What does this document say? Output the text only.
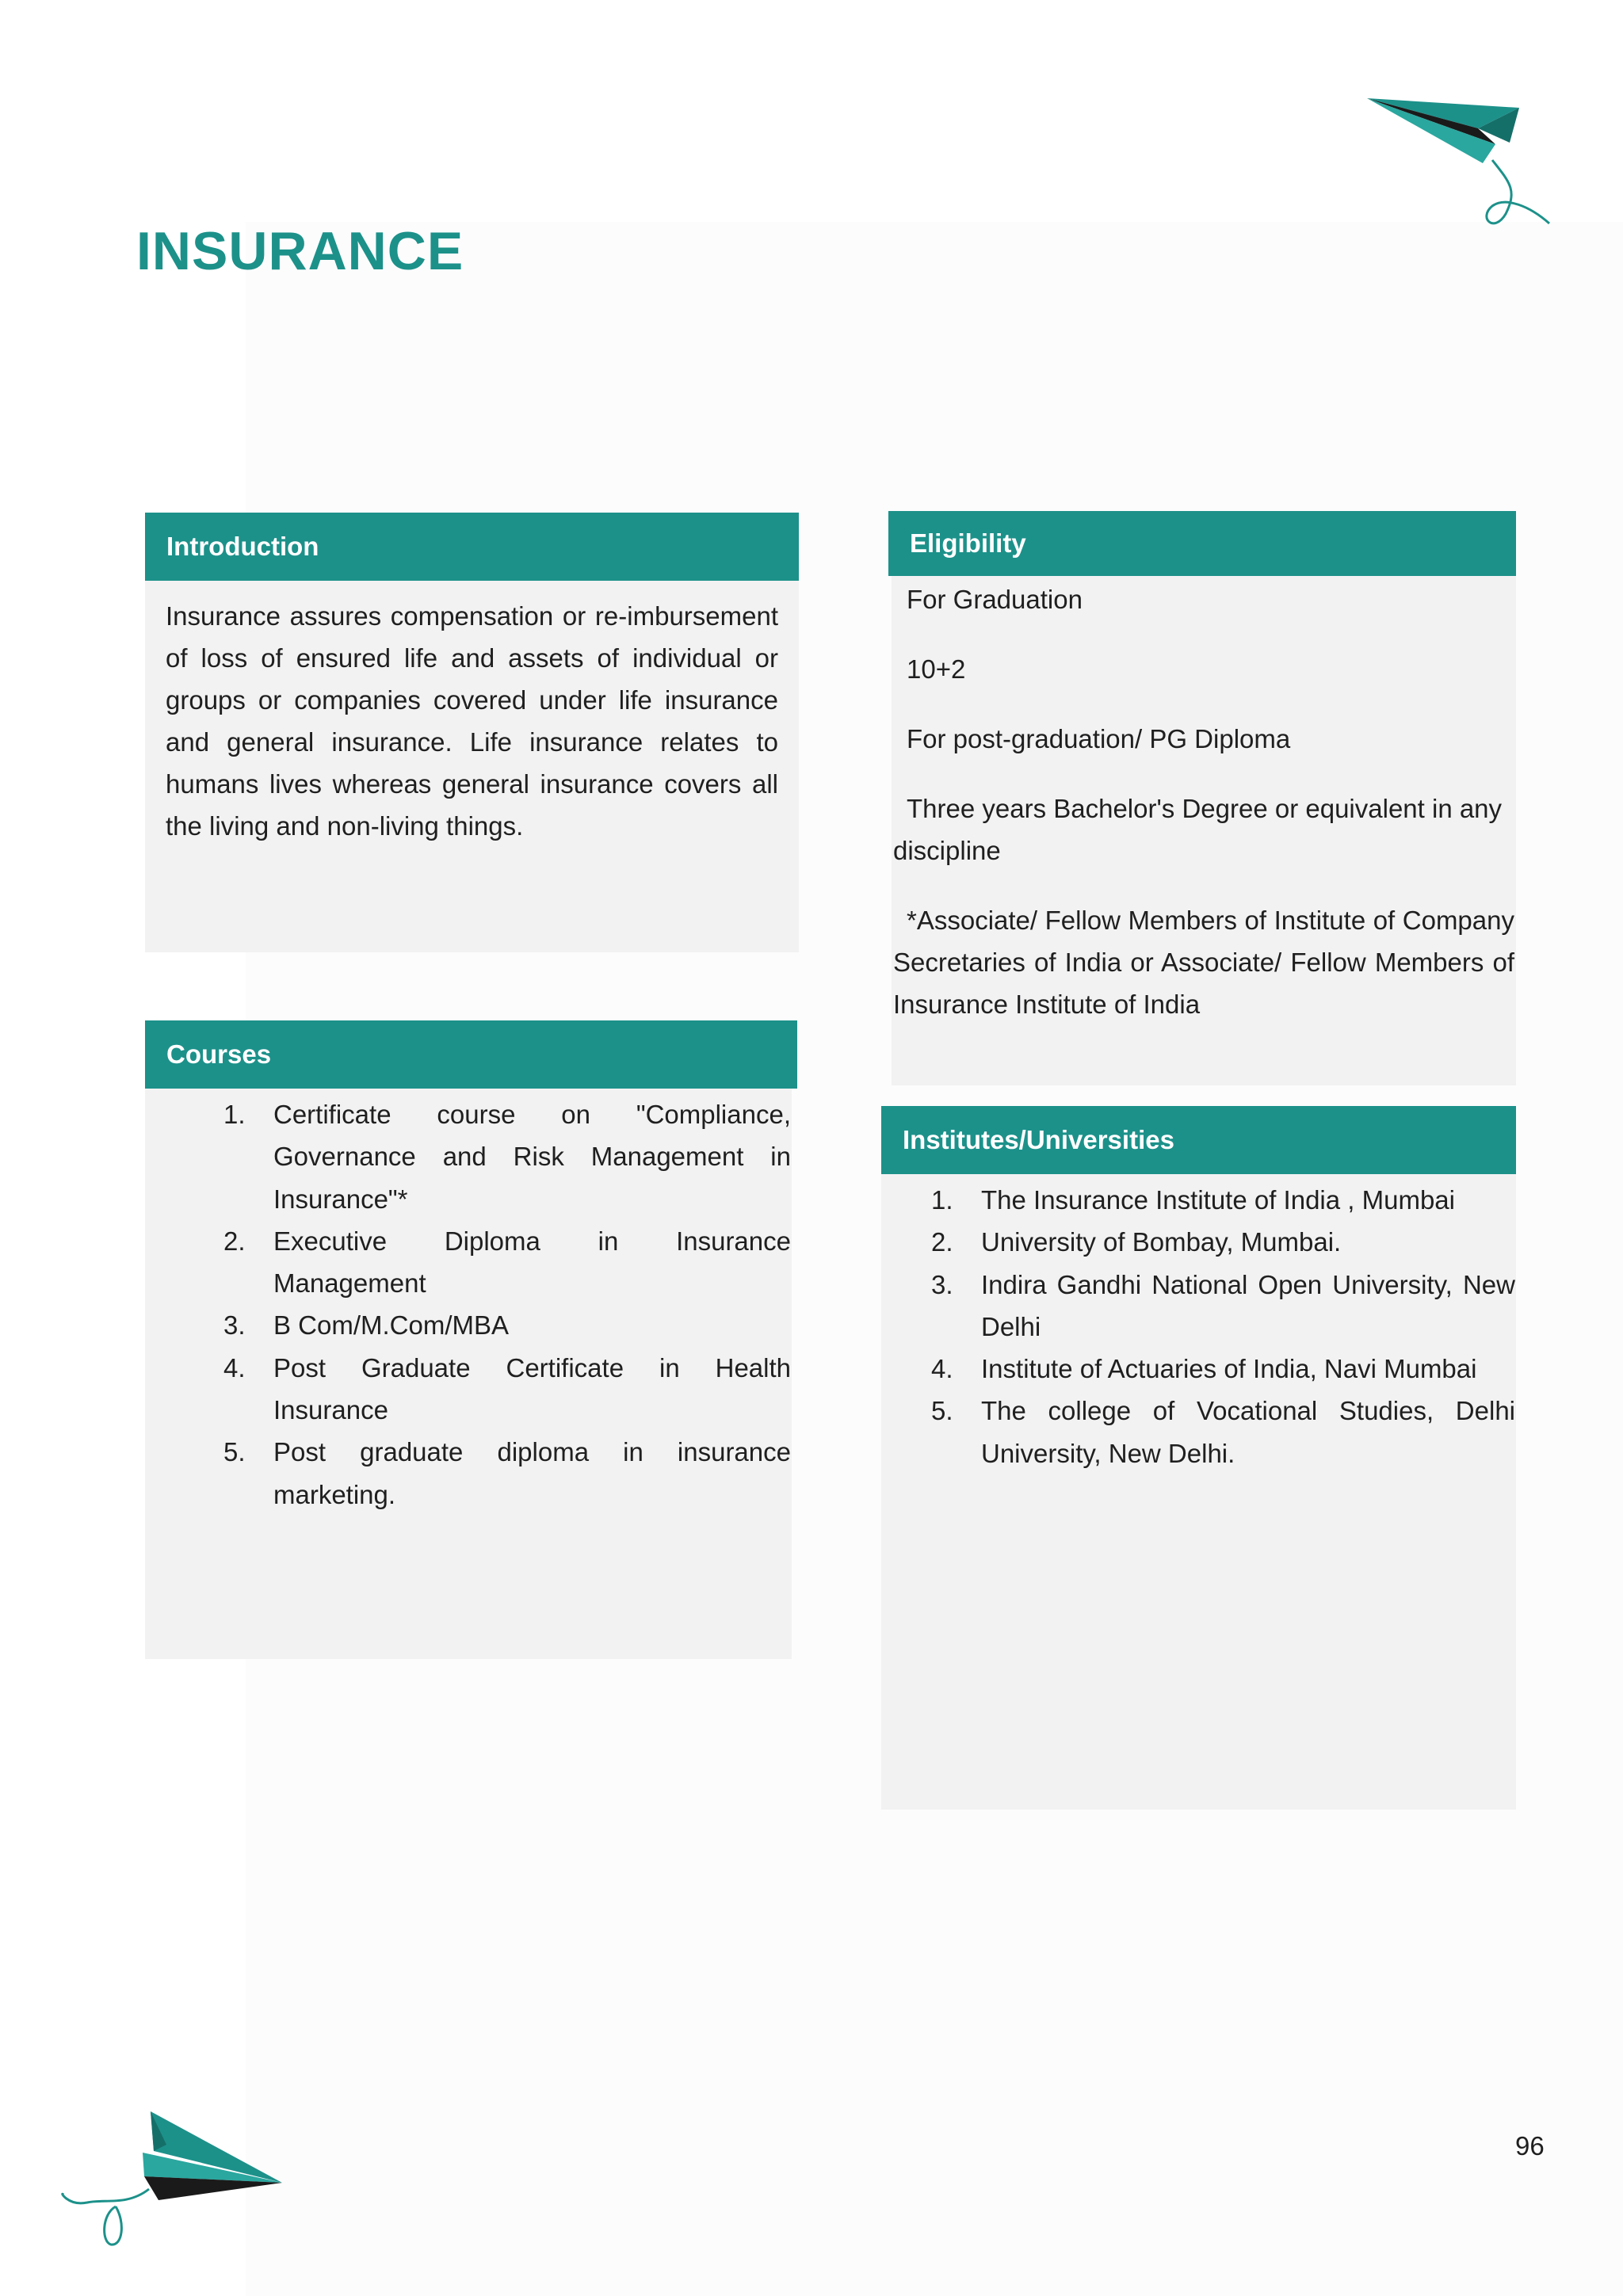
INSURANCE
Introduction
Insurance assures compensation or re-imbursement of loss of ensured life and assets of individual or groups or companies covered under life insurance and general insurance. Life insurance relates to humans lives whereas general insurance covers all the living and non-living things.
Courses
1. Certificate course on "Compliance, Governance and Risk Management in Insurance"*
2. Executive Diploma in Insurance Management
3. B Com/M.Com/MBA
4. Post Graduate Certificate in Health Insurance
5. Post graduate diploma in insurance marketing.
Eligibility

For Graduation

10+2

For post-graduation/ PG Diploma

Three years Bachelor's Degree or equivalent in any discipline

*Associate/ Fellow Members of Institute of Company Secretaries of India or Associate/ Fellow Members of Insurance Institute of India

Institutes/Universities
1. The Insurance Institute of India , Mumbai
2. University of Bombay, Mumbai.
3. Indira Gandhi National Open University, New Delhi
4. Institute of Actuaries of India, Navi Mumbai
5. The college of Vocational Studies, Delhi University, New Delhi.
96
